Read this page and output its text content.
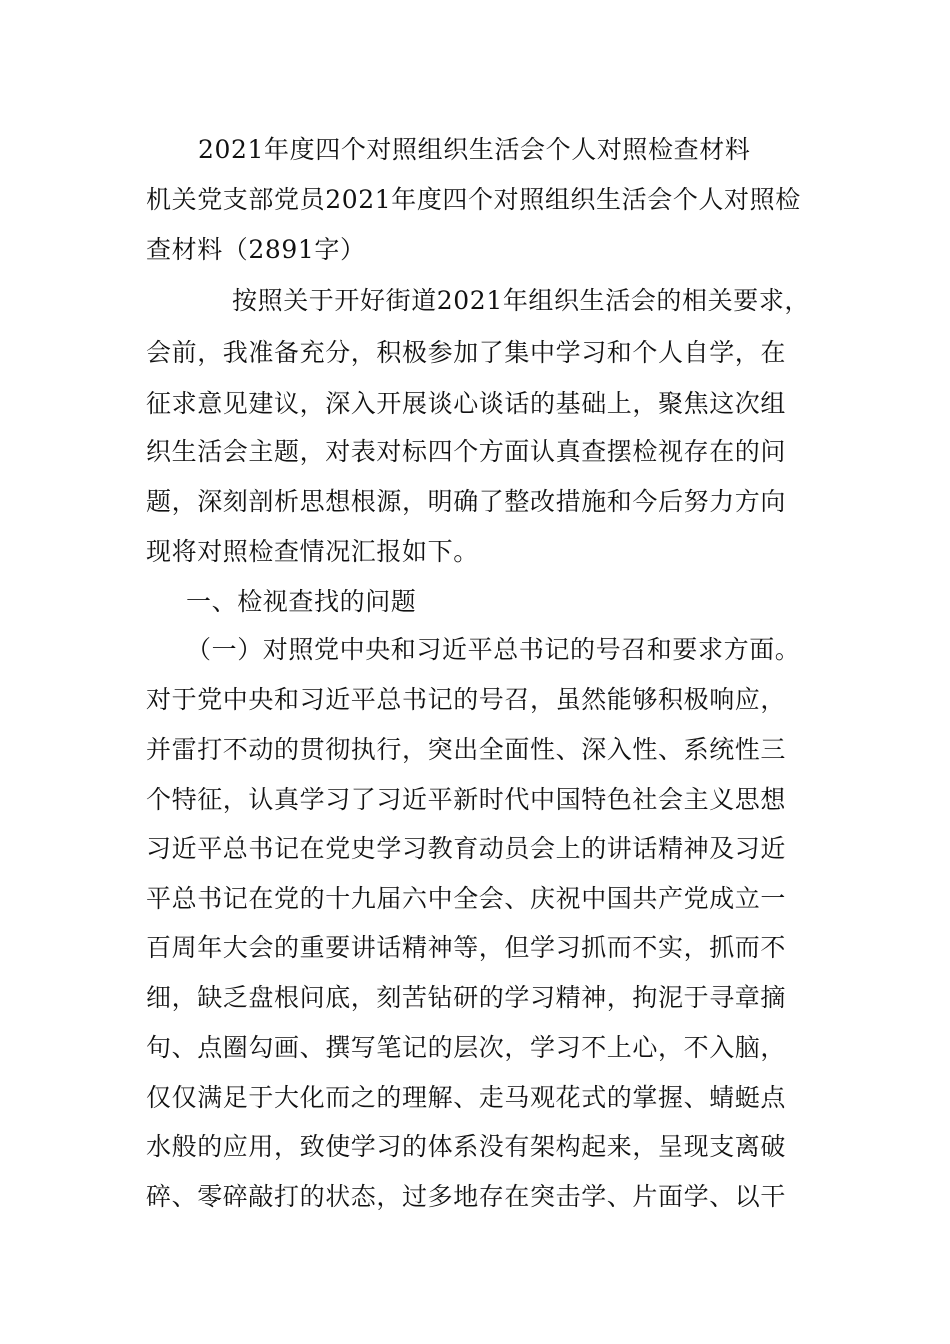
2021年度四个对照组织生活会个人对照检查材料
机关党支部党员2021年度四个对照组织生活会个人对照检
查材料（2891字）
按照关于开好街道2021年组织生活会的相关要求，
会前，我准备充分，积极参加了集中学习和个人自学，在
征求意见建议，深入开展谈心谈话的基础上，聚焦这次组
织生活会主题，对表对标四个方面认真查摆检视存在的问
题，深刻剖析思想根源，明确了整改措施和今后努力方向
现将对照检查情况汇报如下。
一、检视查找的问题
（一）对照党中央和习近平总书记的号召和要求方面。
对于党中央和习近平总书记的号召，虽然能够积极响应，
并雷打不动的贯彻执行，突出全面性、深入性、系统性三
个特征，认真学习了习近平新时代中国特色社会主义思想
习近平总书记在党史学习教育动员会上的讲话精神及习近
平总书记在党的十九届六中全会、庆祝中国共产党成立一
百周年大会的重要讲话精神等，但学习抓而不实，抓而不
细，缺乏盘根问底，刻苦钻研的学习精神，拘泥于寻章摘
句、点圈勾画、撰写笔记的层次，学习不上心，不入脑，
仅仅满足于大化而之的理解、走马观花式的掌握、蜻蜓点
水般的应用，致使学习的体系没有架构起来，呈现支离破
碎、零碎敲打的状态，过多地存在突击学、片面学、以干
